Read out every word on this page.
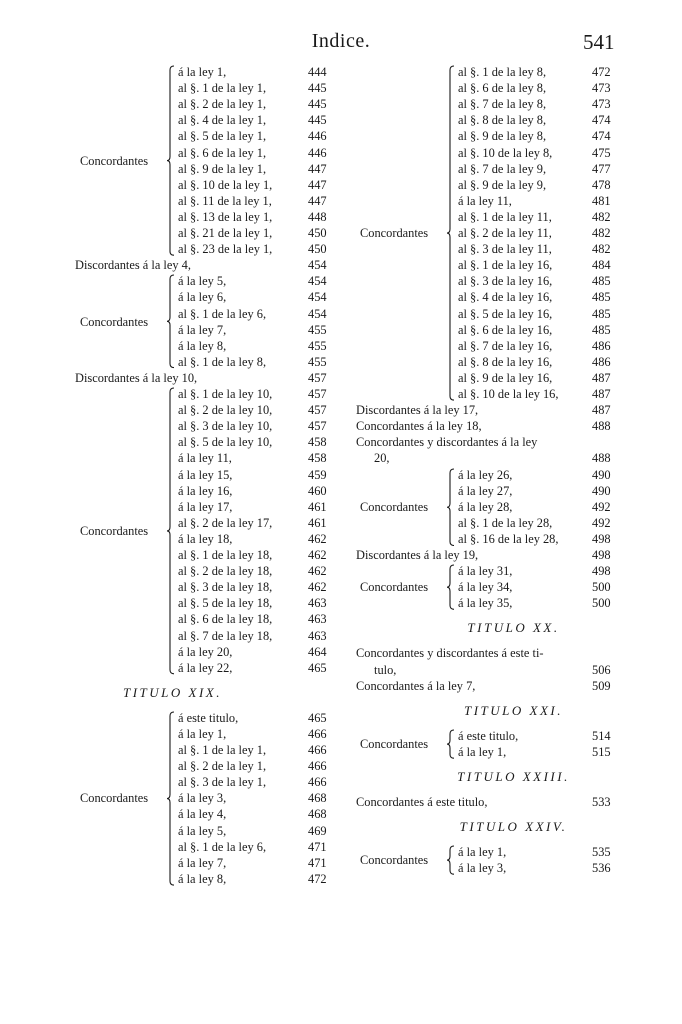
Indice.	541
á la ley 1,	444
al §. 1 de la ley 1,	445
al §. 2 de la ley 1,	445
al §. 4 de la ley 1,	445
al §. 5 de la ley 1,	446
al §. 6 de la ley 1,	446
al §. 9 de la ley 1,	447
al §. 10 de la ley 1,	447
al §. 11 de la ley 1,	447
al §. 13 de la ley 1,	448
al §. 21 de la ley 1,	450
al §. 23 de la ley 1,	450
Concordantes
Discordantes á la ley 4,	454
á la ley 5,	454
á la ley 6,	454
al §. 1 de la ley 6,	454
á la ley 7,	455
á la ley 8,	455
al §. 1 de la ley 8,	455
Concordantes
Discordantes á la ley 10,	457
al §. 1 de la ley 10,	457
al §. 2 de la ley 10,	457
al §. 3 de la ley 10,	457
al §. 5 de la ley 10,	458
á la ley 11,	458
á la ley 15,	459
á la ley 16,	460
á la ley 17,	461
al §. 2 de la ley 17,	461
á la ley 18,	462
al §. 1 de la ley 18,	462
al §. 2 de la ley 18,	462
al §. 3 de la ley 18,	462
al §. 5 de la ley 18,	463
al §. 6 de la ley 18,	463
al §. 7 de la ley 18,	463
á la ley 20,	464
á la ley 22,	465
Concordantes
TITULO XIX.
á este titulo,	465
á la ley 1,	466
al §. 1 de la ley 1,	466
al §. 2 de la ley 1,	466
al §. 3 de la ley 1,	466
á la ley 3,	468
á la ley 4,	468
á la ley 5,	469
al §. 1 de la ley 6,	471
á la ley 7,	471
á la ley 8,	472
Concordantes
al §. 1 de la ley 8,	472
al §. 6 de la ley 8,	473
al §. 7 de la ley 8,	473
al §. 8 de la ley 8,	474
al §. 9 de la ley 8,	474
al §. 10 de la ley 8,	475
al §. 7 de la ley 9,	477
al §. 9 de la ley 9,	478
á la ley 11,	481
al §. 1 de la ley 11,	482
al §. 2 de la ley 11,	482
al §. 3 de la ley 11,	482
al §. 1 de la ley 16,	484
al §. 3 de la ley 16,	485
al §. 4 de la ley 16,	485
al §. 5 de la ley 16,	485
al §. 6 de la ley 16,	485
al §. 7 de la ley 16,	486
al §. 8 de la ley 16,	486
al §. 9 de la ley 16,	487
al §. 10 de la ley 16,	487
Concordantes
Discordantes á la ley 17,	487
Concordantes á la ley 18,	488
Concordantes y discordantes á la ley
20,	488
á la ley 26,	490
á la ley 27,	490
á la ley 28,	492
al §. 1 de la ley 28,	492
al §. 16 de la ley 28,	498
Concordantes
Discordantes á la ley 19,	498
á la ley 31,	498
á la ley 34,	500
á la ley 35,	500
Concordantes
TITULO XX.
Concordantes y discordantes á este ti-
tulo,	506
Concordantes á la ley 7,	509
TITULO XXI.
á este titulo,	514
á la ley 1,	515
Concordantes
TITULO XXIII.
Concordantes á este titulo,	533
TITULO XXIV.
á la ley 1,	535
á la ley 3,	536
Concordantes
